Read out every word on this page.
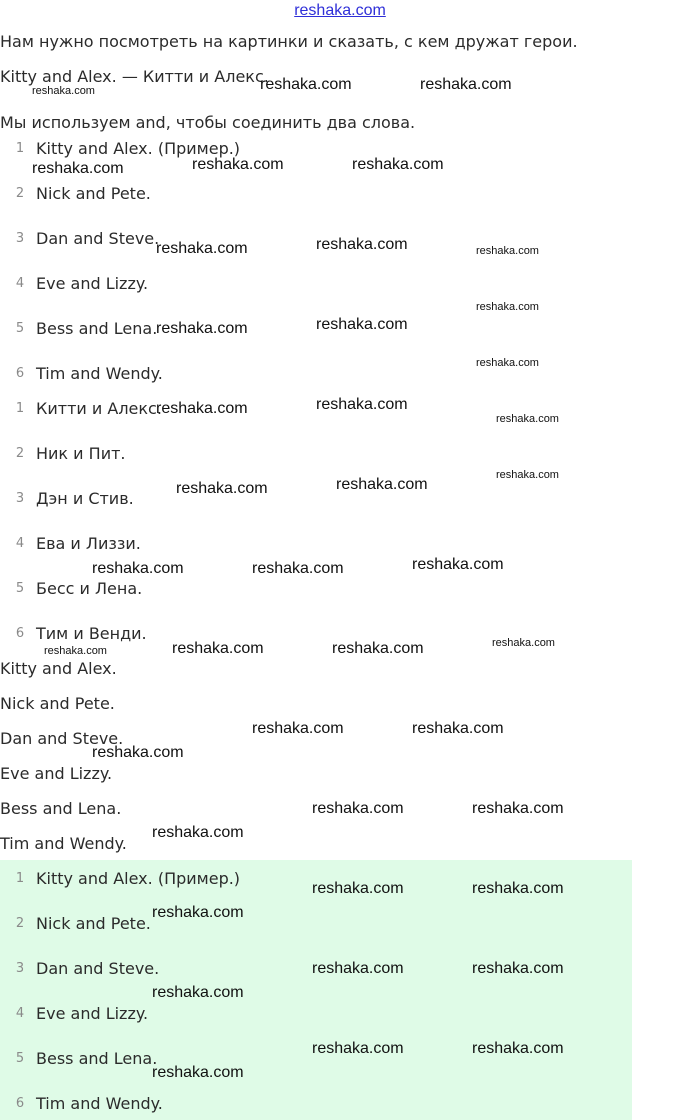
reshaka.com
Нам нужно посмотреть на картинки и сказать, с кем дружат герои.
Kitty and Alex. — Китти и Алекс.
Мы используем and, чтобы соединить два слова.
1 Kitty and Alex. (Пример.)
2 Nick and Pete.
3 Dan and Steve.
4 Eve and Lizzy.
5 Bess and Lena.
6 Tim and Wendy.
1 Китти и Алекс.
2 Ник и Пит.
3 Дэн и Стив.
4 Ева и Лиззи.
5 Бесс и Лена.
6 Тим и Венди.
Kitty and Alex.
Nick and Pete.
Dan and Steve.
Eve and Lizzy.
Bess and Lena.
Tim and Wendy.
1 Kitty and Alex. (Пример.)
2 Nick and Pete.
3 Dan and Steve.
4 Eve and Lizzy.
5 Bess and Lena.
6 Tim and Wendy.
reshaka.com	reshaka.com	reshaka.com
reshaka.com	reshaka.com	reshaka.com
reshaka.com	reshaka.com	reshaka.com
reshaka.com
reshaka.com	reshaka.com
reshaka.com
reshaka.com	reshaka.com
reshaka.com
reshaka.com
reshaka.com	reshaka.com
reshaka.com	reshaka.com	reshaka.com
reshaka.com	reshaka.com	reshaka.com	reshaka.com
reshaka.com	reshaka.com
reshaka.com
reshaka.com	reshaka.com
reshaka.com
reshaka.com	reshaka.com
reshaka.com
reshaka.com	reshaka.com
reshaka.com
reshaka.com	reshaka.com
reshaka.com
